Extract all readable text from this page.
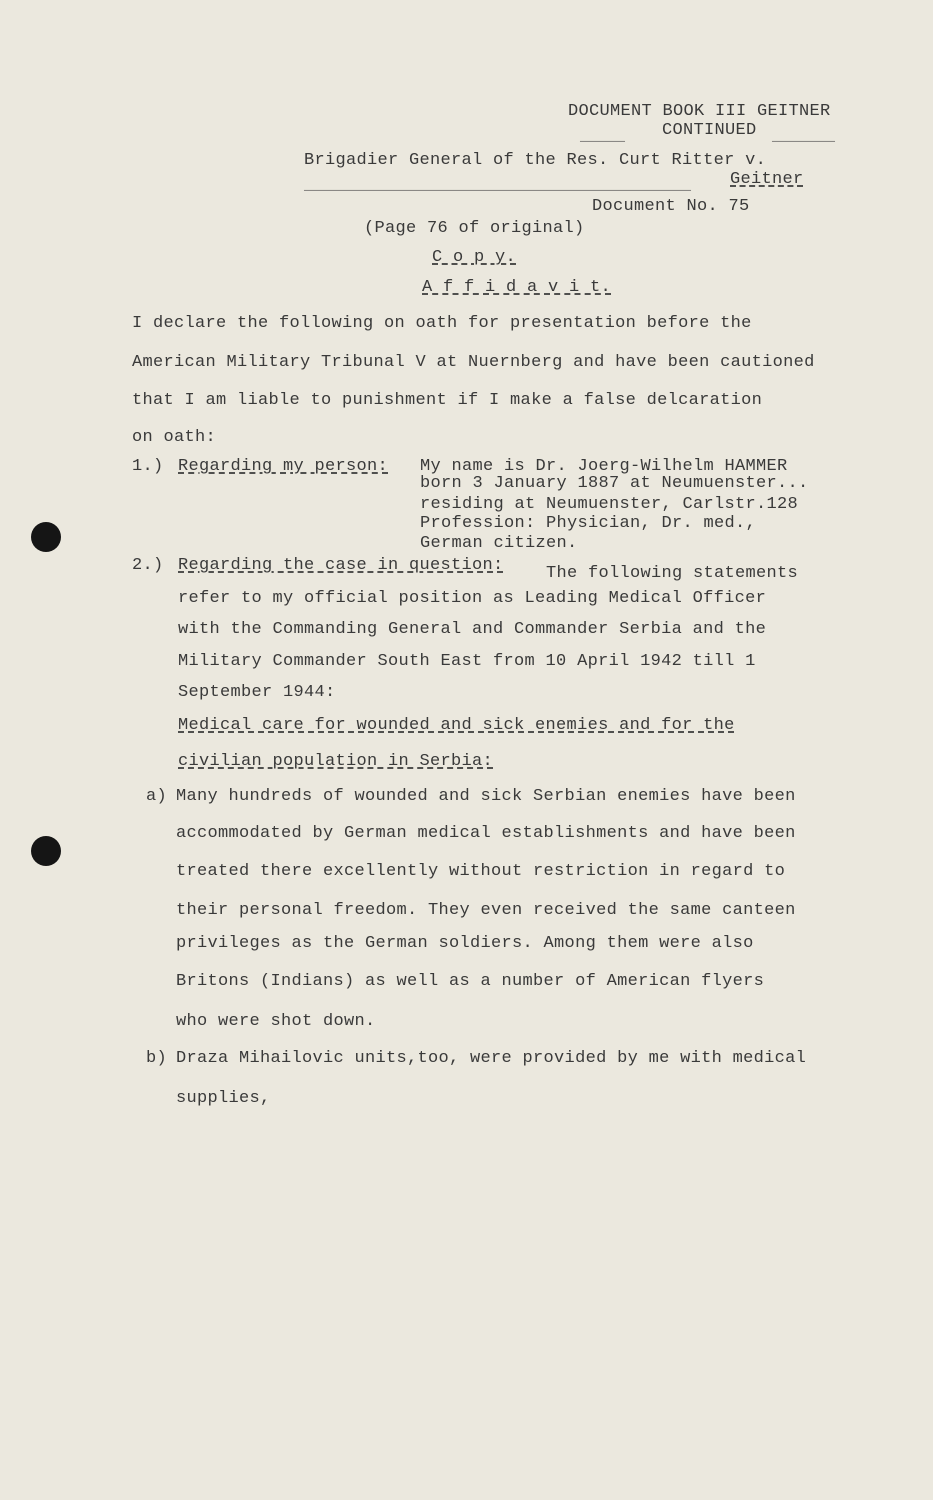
DOCUMENT BOOK III GEITNER
_____ CONTINUED _______
Brigadier General of the Res. Curt Ritter v.
___________________________________________ Geitner
Document No. 75
(Page 76 of original)
C o p y.
A f f i d a v i t.
I declare the following on oath for presentation before the
American Military Tribunal V at Nuernberg and have been cautioned
that I am liable to punishment if I make a false delcaration
on oath:
1.) Regarding my person: My name is Dr. Joerg-Wilhelm HAMMER
born 3 January 1887 at Neumuenster...
residing at Neumuenster, Carlstr.128
Profession: Physician, Dr. med.,
German citizen.
2.) Regarding the case in question: The following statements
refer to my official position as Leading Medical Officer
with the Commanding General and Commander Serbia and the
Military Commander South East from 10 April 1942 till 1
September 1944:
Medical care for wounded and sick enemies and for the
civilian population in Serbia:
a) Many hundreds of wounded and sick Serbian enemies have been
accommodated by German medical establishments and have been
treated there excellently without restriction in regard to
their personal freedom. They even received the same canteen
privileges as the German soldiers. Among them were also
Britons (Indians) as well as a number of American flyers
who were shot down.
b) Draza Mihailovic units,too, were provided by me with medical
supplies,
